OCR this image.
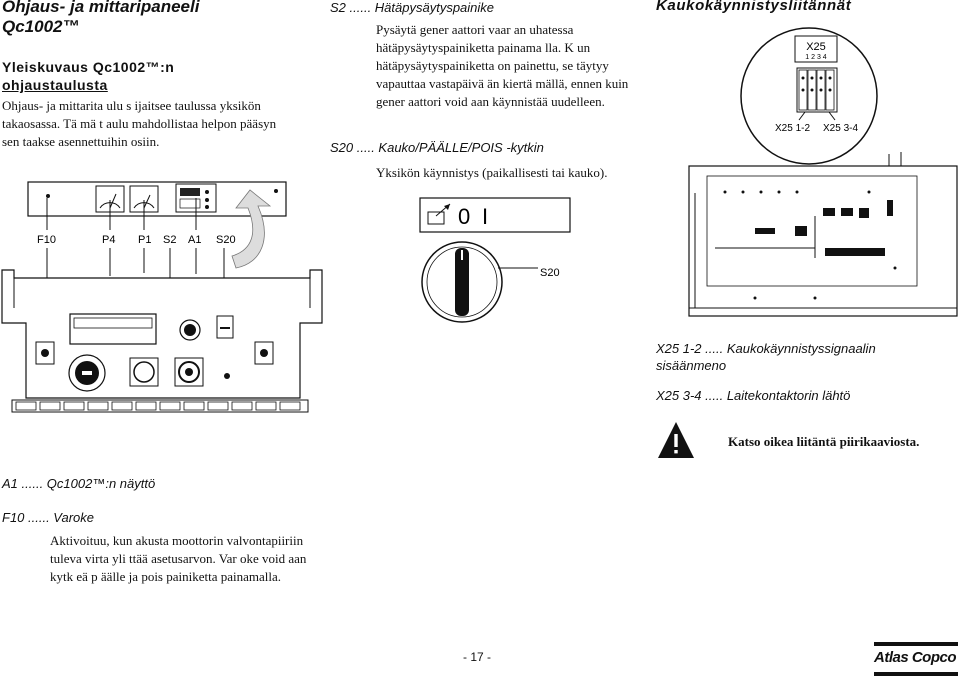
Ohjaus- ja mittaripaneeli
Qc1002™
Yleiskuvaus Qc1002™:n
ohjaustaulusta
Ohjaus- ja mittarita ulu s ijaitsee taulussa yksikön takaosassa. Tä mä t aulu mahdollistaa helpon pääsyn sen taakse asennettuihin osiin.
S2 ...... Hätäpysäytyspainike
Pysäytä gener aattori vaar an uhatessa hätäpysäytyspainiketta painama lla. K un hätäpysäytyspainiketta on painettu, se täytyy vapauttaa vastapäivä än kiertä mällä, ennen kuin gener aattori void aan käynnistää uudelleen.
S20 ..... Kauko/PÄÄLLE/POIS -kytkin
Yksikön käynnistys (paikallisesti tai kauko).
Kaukokäynnistysliitännät
F10	P4 P1 S2 A1 S20
0 I
S20
X25
1 2 3 4
X25 1-2 X25 3-4
X25 1-2 ..... Kaukokäynnistyssignaalin sisäänmeno
X25 3-4 ..... Laitekontaktorin lähtö
Katso oikea liitäntä piirikaaviosta.
A1 ...... Qc1002™:n näyttö
F10 ...... Varoke
Aktivoituu, kun akusta moottorin valvontapiiriin tuleva virta yli ttää asetusarvon. Var oke void aan kytk eä p äälle ja pois painiketta painamalla.
- 17 -	Atlas Copco
